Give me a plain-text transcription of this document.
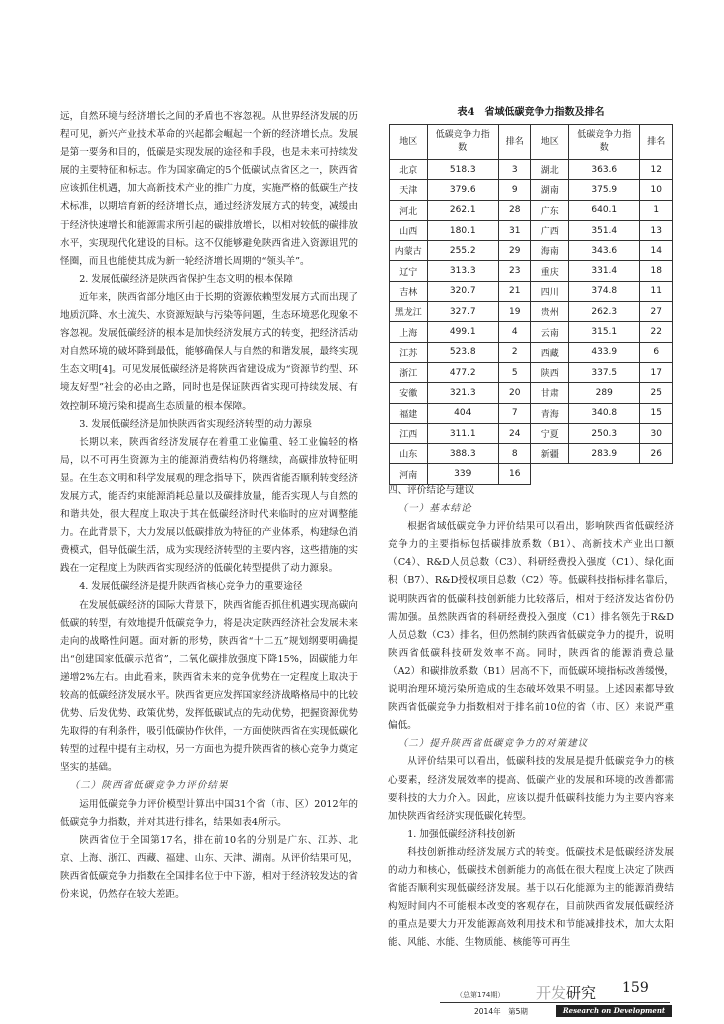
远，自然环境与经济增长之间的矛盾也不容忽视。从世界经济发展的历程可见，新兴产业技术革命的兴起都会崛起一个新的经济增长点。发展是第一要务和目的，低碳是实现发展的途径和手段，也是未来可持续发展的主要特征和标志。作为国家确定的5个低碳试点省区之一，陕西省应该抓住机遇，加大高新技术产业的推广力度，实施严格的低碳生产技术标准，以期培育新的经济增长点，通过经济发展方式的转变，减缓由于经济快速增长和能源需求所引起的碳排放增长，以相对较低的碳排放水平，实现现代化建设的目标。这不仅能够避免陕西省进入资源诅咒的怪圈，而且也能使其成为新一轮经济增长周期的“领头羊”。

2. 发展低碳经济是陕西省保护生态文明的根本保障

近年来，陕西省部分地区由于长期的资源依赖型发展方式而出现了地质沉降、水土流失、水资源短缺与污染等问题，生态环境恶化现象不容忽视。发展低碳经济的根本是加快经济发展方式的转变，把经济活动对自然环境的破坏降到最低，能够确保人与自然的和谐发展，最终实现生态文明[4]。可见发展低碳经济是将陕西省建设成为“资源节约型、环境友好型”社会的必由之路，同时也是保证陕西省实现可持续发展、有效控制环境污染和提高生态质量的根本保障。

3. 发展低碳经济是加快陕西省实现经济转型的动力源泉

长期以来，陕西省经济发展存在着重工业偏重、轻工业偏轻的格局，以不可再生资源为主的能源消费结构仍将继续，高碳排放特征明显。在生态文明和科学发展观的理念指导下，陕西省能否顺利转变经济发展方式，能否约束能源消耗总量以及碳排放量，能否实现人与自然的和谐共处，很大程度上取决于其在低碳经济时代来临时的应对调整能力。在此背景下，大力发展以低碳排放为特征的产业体系，构建绿色消费模式，倡导低碳生活，成为实现经济转型的主要内容，这些措施的实践在一定程度上为陕西省实现经济的低碳化转型提供了动力源泉。

4. 发展低碳经济是提升陕西省核心竞争力的重要途径

在发展低碳经济的国际大背景下，陕西省能否抓住机遇实现高碳向低碳的转型，有效地提升低碳竞争力，将是决定陕西经济社会发展未来走向的战略性问题。面对新的形势，陕西省“十二五”规划纲要明确提出“创建国家低碳示范省”，二氧化碳排放强度下降15%，固碳能力年递增2%左右。由此看来，陕西省未来的竞争优势在一定程度上取决于较高的低碳经济发展水平。陕西省更应发挥国家经济战略格局中的比较优势、后发优势、政策优势，发挥低碳试点的先动优势，把握资源优势先取得的有利条件，吸引低碳协作伙伴，一方面使陕西省在实现低碳化转型的过程中提有主动权，另一方面也为提升陕西省的核心竞争力奠定坚实的基础。

（二）陕西省低碳竞争力评价结果

运用低碳竞争力评价模型计算出中国31个省（市、区）2012年的低碳竞争力指数，并对其进行排名，结果如表4所示。

陕西省位于全国第17名，排在前10名的分别是广东、江苏、北京、上海、浙江、西藏、福建、山东、天津、湖南。从评价结果可见，陕西省低碳竞争力指数在全国排名位于中下游，相对于经济较发达的省份来说，仍然存在较大差距。

表4　省域低碳竞争力指数及排名
地区	低碳竞争力指数	排名	地区	低碳竞争力指数	排名
北京	518.3	3	湖北	363.6	12
天津	379.6	9	湖南	375.9	10
河北	262.1	28	广东	640.1	1
山西	180.1	31	广西	351.4	13
内蒙古	255.2	29	海南	343.6	14
辽宁	313.3	23	重庆	331.4	18
吉林	320.7	21	四川	374.8	11
黑龙江	327.7	19	贵州	262.3	27
上海	499.1	4	云南	315.1	22
江苏	523.8	2	西藏	433.9	6
浙江	477.2	5	陕西	337.5	17
安徽	321.3	20	甘肃	289	25
福建	404	7	青海	340.8	15
江西	311.1	24	宁夏	250.3	30
山东	388.3	8	新疆	283.9	26
河南	339	16			

四、评价结论与建议

（一）基本结论

根据省域低碳竞争力评价结果可以看出，影响陕西省低碳经济竞争力的主要指标包括碳排放系数（B1）、高新技术产业出口额（C4）、R&D人员总数（C3）、科研经费投入强度（C1）、绿化面积（B7）、R&D授权项目总数（C2）等。低碳科技指标排名靠后，说明陕西省的低碳科技创新能力比较落后，相对于经济发达省份仍需加强。虽然陕西省的科研经费投入强度（C1）排名领先于R&D人员总数（C3）排名，但仍然制约陕西省低碳竞争力的提升，说明陕西省低碳科技研发效率不高。同时，陕西省的能源消费总量（A2）和碳排放系数（B1）居高不下，而低碳环境指标改善缓慢，说明治理环境污染所造成的生态破坏效果不明显。上述因素都导致陕西省低碳竞争力指数相对于排名前10位的省（市、区）来说严重偏低。

（二）提升陕西省低碳竞争力的对策建议

从评价结果可以看出，低碳科技的发展是提升低碳竞争力的核心要素，经济发展效率的提高、低碳产业的发展和环境的改善都需要科技的大力介入。因此，应该以提升低碳科技能力为主要内容来加快陕西省经济实现低碳化转型。

1. 加强低碳经济科技创新

科技创新推动经济发展方式的转变。低碳技术是低碳经济发展的动力和核心，低碳技术创新能力的高低在很大程度上决定了陕西省能否顺利实现低碳经济发展。基于以石化能源为主的能源消费结构短时间内不可能根本改变的客观存在，目前陕西省发展低碳经济的重点是要大力开发能源高效利用技术和节能减排技术，加大太阳能、风能、水能、生物质能、核能等可再生

（总第174期） 开发研究 159
2014年　第5期	Research on Development
